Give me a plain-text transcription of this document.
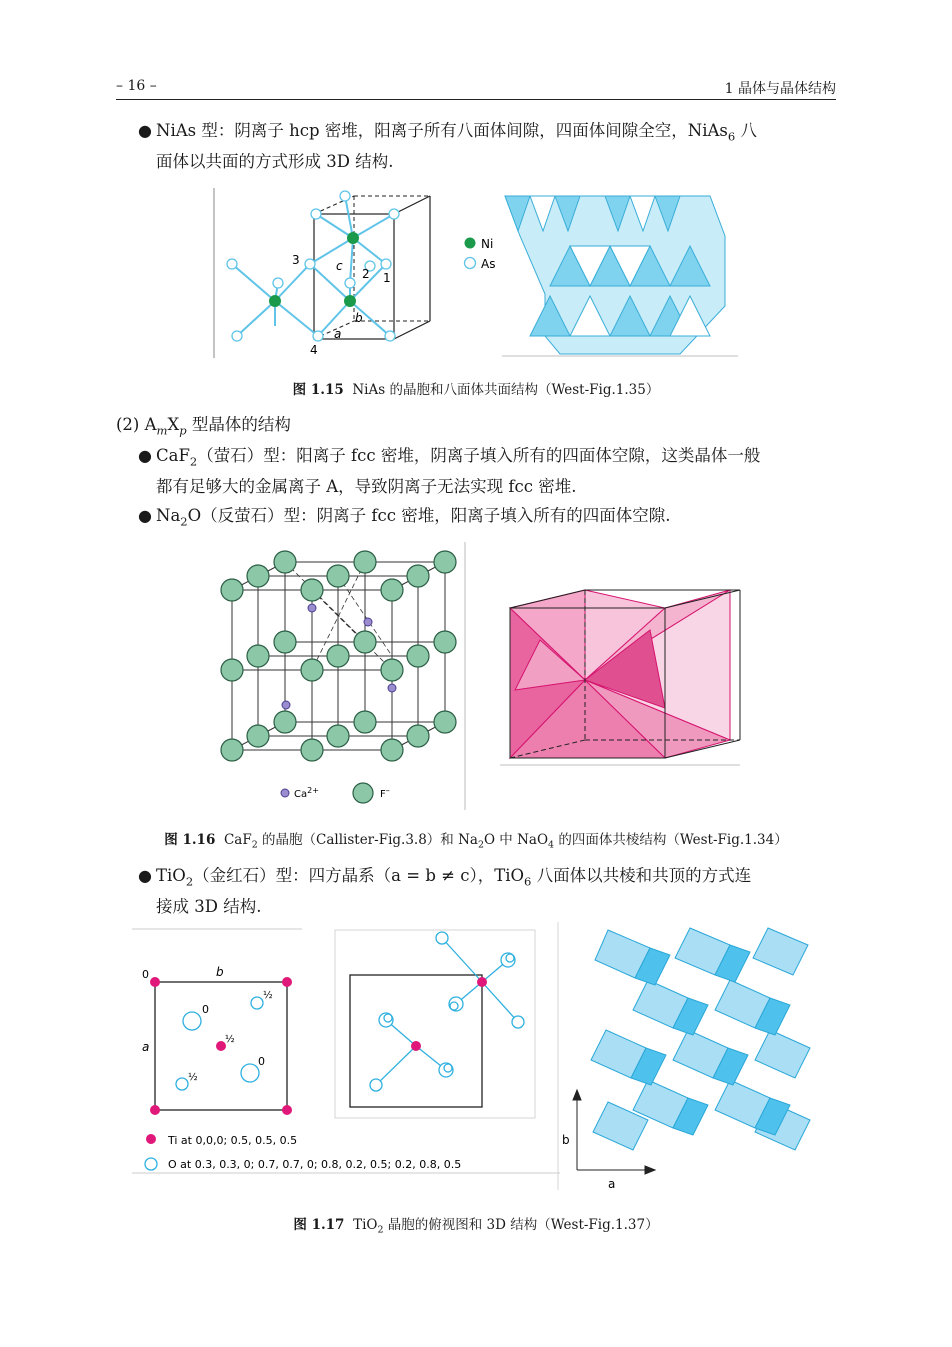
– 16 –	1 晶体与晶体结构
● NiAs 型：阴离子 hcp 密堆，阳离子所有八面体间隙，四面体间隙全空，NiAs$_6$ 八
面体以共面的方式形成 3D 结构.
c
a
b
1
2
3
4
Ni
As
图 1.15 NiAs 的晶胞和八面体共面结构（West-Fig.1.35）
(2) $A_mX_p$ 型晶体的结构
● CaF$_2$（萤石）型：阳离子 fcc 密堆，阴离子填入所有的四面体空隙，这类晶体一般
都有足够大的金属离子 A，导致阴离子无法实现 fcc 密堆.
● $Na_2O$（反萤石）型：阴离子 fcc 密堆，阳离子填入所有的四面体空隙.
$Ca^{2+}$	F–
图 1.16 CaF$_2$ 的晶胞（Callister-Fig.3.8）和 $Na_2O$ 中 NaO$_4$ 的四面体共棱结构（West-Fig.1.34）
● TiO$_2$（金红石）型：四方晶系（a = b ≠ c），TiO$_6$ 八面体以共棱和共顶的方式连
接成 3D 结构.
0	b
a
0
0
½
½
½
Ti at 0,0,0; 0.5, 0.5, 0.5
O at 0.3, 0.3, 0; 0.7, 0.7, 0; 0.8, 0.2, 0.5; 0.2, 0.8, 0.5
b
a
图 1.17 TiO$_2$ 晶胞的俯视图和 3D 结构（West-Fig.1.37）
